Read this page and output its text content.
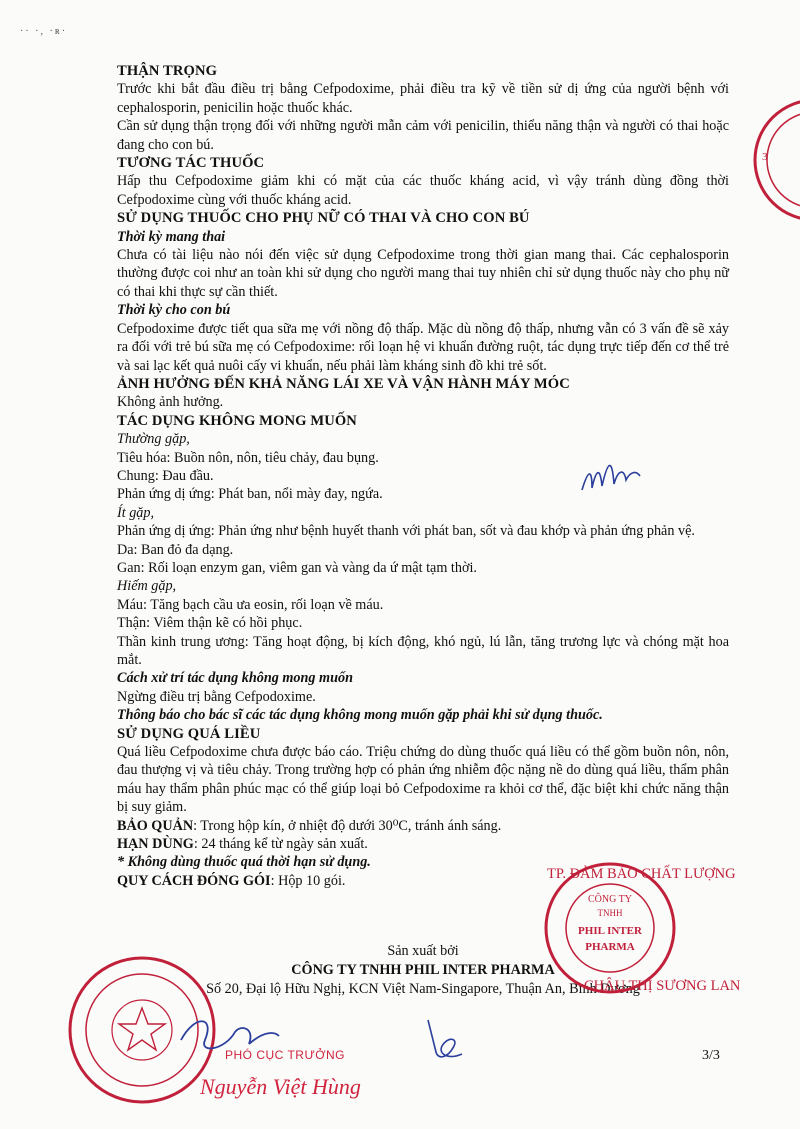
·· ·, ·ʀ·

THẬN TRỌNG

Trước khi bắt đầu điều trị bằng Cefpodoxime, phải điều tra kỹ về tiền sử dị ứng của người bệnh với cephalosporin, penicilin hoặc thuốc khác.

Cần sử dụng thận trọng đối với những người mẫn cảm với penicilin, thiểu năng thận và người có thai hoặc đang cho con bú.

TƯƠNG TÁC THUỐC

Hấp thu Cefpodoxime giảm khi có mặt của các thuốc kháng acid, vì vậy tránh dùng đồng thời Cefpodoxime cùng với thuốc kháng acid.

SỬ DỤNG THUỐC CHO PHỤ NỮ CÓ THAI VÀ CHO CON BÚ

Thời kỳ mang thai

Chưa có tài liệu nào nói đến việc sử dụng Cefpodoxime trong thời gian mang thai. Các cephalosporin thường được coi như an toàn khi sử dụng cho người mang thai tuy nhiên chỉ sử dụng thuốc này cho phụ nữ có thai khi thực sự cần thiết.

Thời kỳ cho con bú

Cefpodoxime được tiết qua sữa mẹ với nồng độ thấp. Mặc dù nồng độ thấp, nhưng vẫn có 3 vấn đề sẽ xảy ra đối với trẻ bú sữa mẹ có Cefpodoxime: rối loạn hệ vi khuẩn đường ruột, tác dụng trực tiếp đến cơ thể trẻ và sai lạc kết quả nuôi cấy vi khuẩn, nếu phải làm kháng sinh đồ khi trẻ sốt.

ẢNH HƯỞNG ĐẾN KHẢ NĂNG LÁI XE VÀ VẬN HÀNH MÁY MÓC

Không ảnh hưởng.

TÁC DỤNG KHÔNG MONG MUỐN

Thường gặp,

Tiêu hóa: Buồn nôn, nôn, tiêu chảy, đau bụng.

Chung: Đau đầu.

Phản ứng dị ứng: Phát ban, nổi mày đay, ngứa.

Ít gặp,

Phản ứng dị ứng: Phản ứng như bệnh huyết thanh với phát ban, sốt và đau khớp và phản ứng phản vệ.

Da: Ban đỏ đa dạng.

Gan: Rối loạn enzym gan, viêm gan và vàng da ứ mật tạm thời.

Hiếm gặp,

Máu: Tăng bạch cầu ưa eosin, rối loạn về máu.

Thận: Viêm thận kẽ có hồi phục.

Thần kinh trung ương: Tăng hoạt động, bị kích động, khó ngủ, lú lẫn, tăng trương lực và chóng mặt hoa mắt.

Cách xử trí tác dụng không mong muốn

Ngừng điều trị bằng Cefpodoxime.

Thông báo cho bác sĩ các tác dụng không mong muốn gặp phải khi sử dụng thuốc.

SỬ DỤNG QUÁ LIỀU

Quá liều Cefpodoxime chưa được báo cáo. Triệu chứng do dùng thuốc quá liều có thể gồm buồn nôn, nôn, đau thượng vị và tiêu chảy. Trong trường hợp có phản ứng nhiễm độc nặng nề do dùng quá liều, thẩm phân máu hay thẩm phân phúc mạc có thể giúp loại bỏ Cefpodoxime ra khỏi cơ thể, đặc biệt khi chức năng thận bị suy giảm.

BẢO QUẢN: Trong hộp kín, ở nhiệt độ dưới 30⁰C, tránh ánh sáng.

HẠN DÙNG: 24 tháng kể từ ngày sản xuất.

* Không dùng thuốc quá thời hạn sử dụng.

QUY CÁCH ĐÓNG GÓI: Hộp 10 gói.

Sản xuất bởi
CÔNG TY TNHH PHIL INTER PHARMA
Số 20, Đại lộ Hữu Nghị, KCN Việt Nam-Singapore, Thuận An, Bình Dương
3/3
3
TP. ĐẢM BẢO CHẤT LƯỢNG
CÔNG TY
TNHH
PHIL INTER
PHARMA
CHÂU THỊ SƯƠNG LAN
PHÓ CỤC TRƯỞNG
Nguyễn Việt Hùng
